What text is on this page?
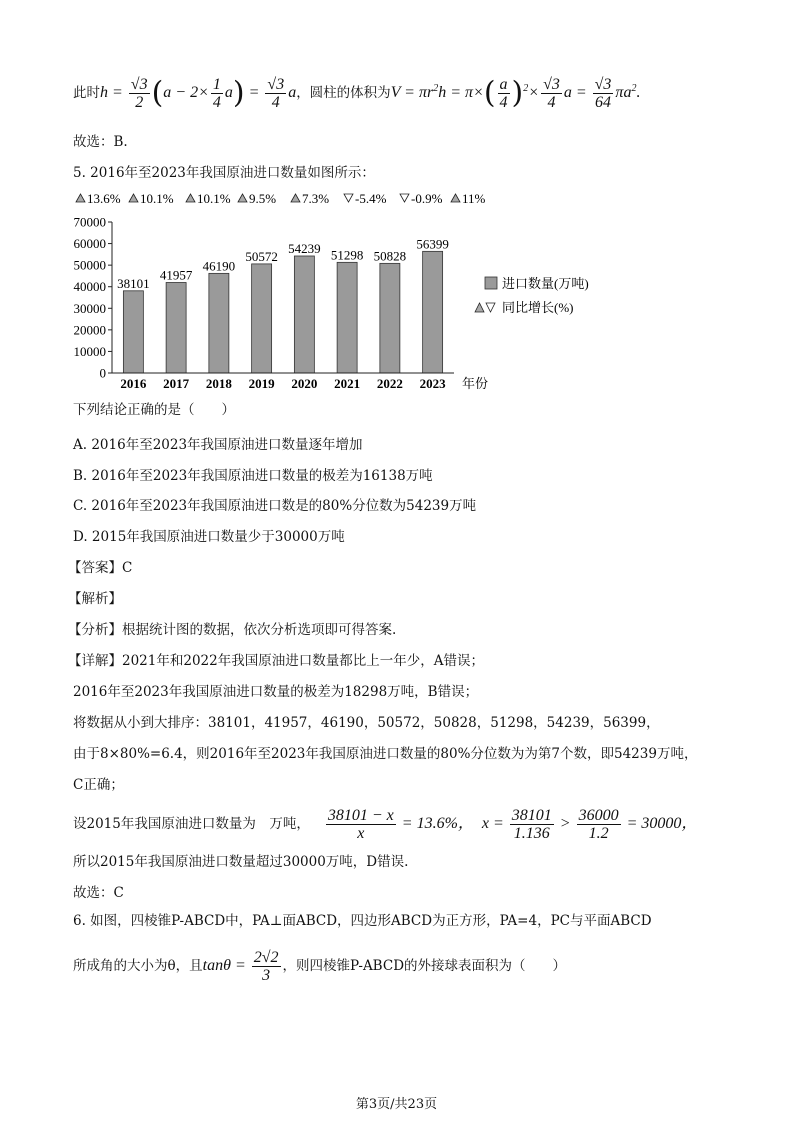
此时 $h = \frac{√3}{2} (a - 2\times \frac{1}{4} a) = \frac{√3}{4}$ a ，圆柱的体积为 $V = \pi r^2h = \pi\times( \frac{a}{4} )^2\times \frac{√3}{4}$ $a = \frac{√3}{64} \pi a^2$.
故选：B.
5. 2016年至2023年我国原油进口数量如图所示：
13.6% 10.1% 10.1% 9.5% 7.3% -5.4% -0.9% 11%
0
10000
20000
30000
40000
50000
60000
70000
38101
41957
46190
50572
54239 51298 50828
56399
2016 2017 2018 2019 2020 2021 2022 2023 年份
进口数量(万吨)
同比增长(%)
下列结论正确的是（　　）
A. 2016年至2023年我国原油进口数量逐年增加
B. 2016年至2023年我国原油进口数量的极差为16138万吨
C. 2016年至2023年我国原油进口数是的80%分位数为54239万吨
D. 2015年我国原油进口数量少于30000万吨
【答案】C
【解析】
【分析】根据统计图的数据，依次分析选项即可得答案.
【详解】2021年和2022年我国原油进口数量都比上一年少，A错误；
2016年至2023年我国原油进口数量的极差为18298万吨，B错误；
将数据从小到大排序：38101，41957，46190，50572，50828，51298，54239，56399，
由于8×80%=6.4，则2016年至2023年我国原油进口数量的80%分位数为为第7个数，即54239万吨，
C正确；
设2015年我国原油进口数量为　万吨， $\frac{38101 - x}{x} = 13.6\%$，  $x = \frac{38101}{1.136} > \frac{36000}{1.2} = 30000$，
所以2015年我国原油进口数量超过30000万吨，D错误.
故选：C
6. 如图，四棱锥P-ABCD中，PA⊥面ABCD，四边形ABCD为正方形，PA=4，PC与平面ABCD
所成角的大小为θ，且 $\tan\theta = \frac{2√2}{3}$ ，则四棱锥P-ABCD的外接球表面积为（　　）
第3页/共23页
